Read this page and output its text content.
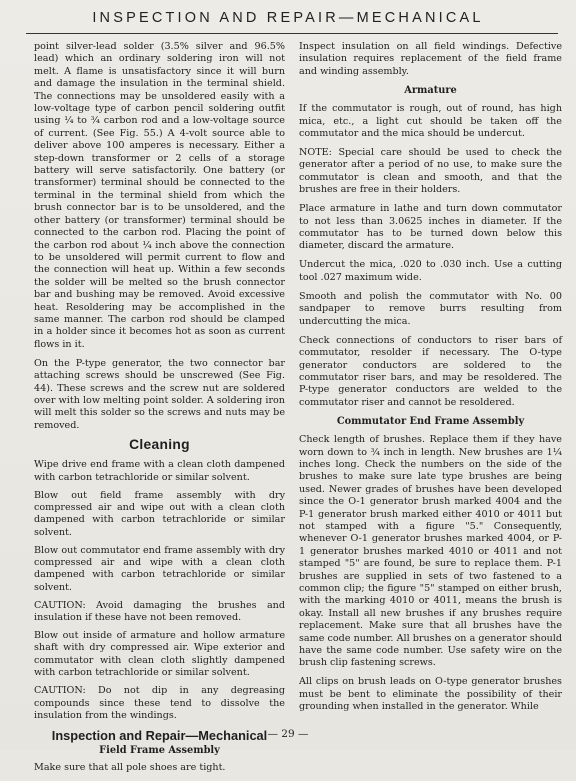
INSPECTION AND REPAIR—MECHANICAL

point silver-lead solder (3.5% silver and 96.5% lead) which an ordinary soldering iron will not melt. A flame is unsatisfactory since it will burn and damage the insulation in the terminal shield. The connections may be unsoldered easily with a low-voltage type of carbon pencil soldering outfit using ¼ to ¾ carbon rod and a low-voltage source of current. (See Fig. 55.) A 4-volt source able to deliver above 100 amperes is necessary. Either a step-down transformer or 2 cells of a storage battery will serve satisfactorily. One battery (or transformer) terminal should be connected to the terminal in the terminal shield from which the brush connector bar is to be unsoldered, and the other battery (or transformer) terminal should be connected to the carbon rod. Placing the point of the carbon rod about ¼ inch above the connection to be unsoldered will permit current to flow and the connection will heat up. Within a few seconds the solder will be melted so the brush connector bar and bushing may be removed. Avoid excessive heat. Resoldering may be accomplished in the same manner. The carbon rod should be clamped in a holder since it becomes hot as soon as current flows in it.

On the P-type generator, the two connector bar attaching screws should be unscrewed (See Fig. 44). These screws and the screw nut are soldered over with low melting point solder. A soldering iron will melt this solder so the screws and nuts may be removed.

Cleaning

Wipe drive end frame with a clean cloth dampened with carbon tetrachloride or similar solvent.

Blow out field frame assembly with dry compressed air and wipe out with a clean cloth dampened with carbon tetrachloride or similar solvent.

Blow out commutator end frame assembly with dry compressed air and wipe with a clean cloth dampened with carbon tetrachloride or similar solvent.

CAUTION: Avoid damaging the brushes and insulation if these have not been removed.

Blow out inside of armature and hollow armature shaft with dry compressed air. Wipe exterior and commutator with clean cloth slightly dampened with carbon tetrachloride or similar solvent.

CAUTION: Do not dip in any degreasing compounds since these tend to dissolve the insulation from the windings.

Inspection and Repair—Mechanical
Field Frame Assembly

Make sure that all pole shoes are tight.

Inspect insulation on all field windings. Defective insulation requires replacement of the field frame and winding assembly.

Armature

If the commutator is rough, out of round, has high mica, etc., a light cut should be taken off the commutator and the mica should be undercut.

NOTE: Special care should be used to check the generator after a period of no use, to make sure the commutator is clean and smooth, and that the brushes are free in their holders.

Place armature in lathe and turn down commutator to not less than 3.0625 inches in diameter. If the commutator has to be turned down below this diameter, discard the armature.

Undercut the mica, .020 to .030 inch. Use a cutting tool .027 maximum wide.

Smooth and polish the commutator with No. 00 sandpaper to remove burrs resulting from undercutting the mica.

Check connections of conductors to riser bars of commutator, resolder if necessary. The O-type generator conductors are soldered to the commutator riser bars, and may be resoldered. The P-type generator conductors are welded to the commutator riser and cannot be resoldered.

Commutator End Frame Assembly

Check length of brushes. Replace them if they have worn down to ¾ inch in length. New brushes are 1¼ inches long. Check the numbers on the side of the brushes to make sure late type brushes are being used. Newer grades of brushes have been developed since the O-1 generator brush marked 4004 and the P-1 generator brush marked either 4010 or 4011 but not stamped with a figure "5." Consequently, whenever O-1 generator brushes marked 4004, or P-1 generator brushes marked 4010 or 4011 and not stamped "5" are found, be sure to replace them. P-1 brushes are supplied in sets of two fastened to a common clip; the figure "5" stamped on either brush, with the marking 4010 or 4011, means the brush is okay. Install all new brushes if any brushes require replacement. Make sure that all brushes have the same code number. All brushes on a generator should have the same code number. Use safety wire on the brush clip fastening screws.

All clips on brush leads on O-type generator brushes must be bent to eliminate the possibility of their grounding when installed in the generator. While

— 29 —
